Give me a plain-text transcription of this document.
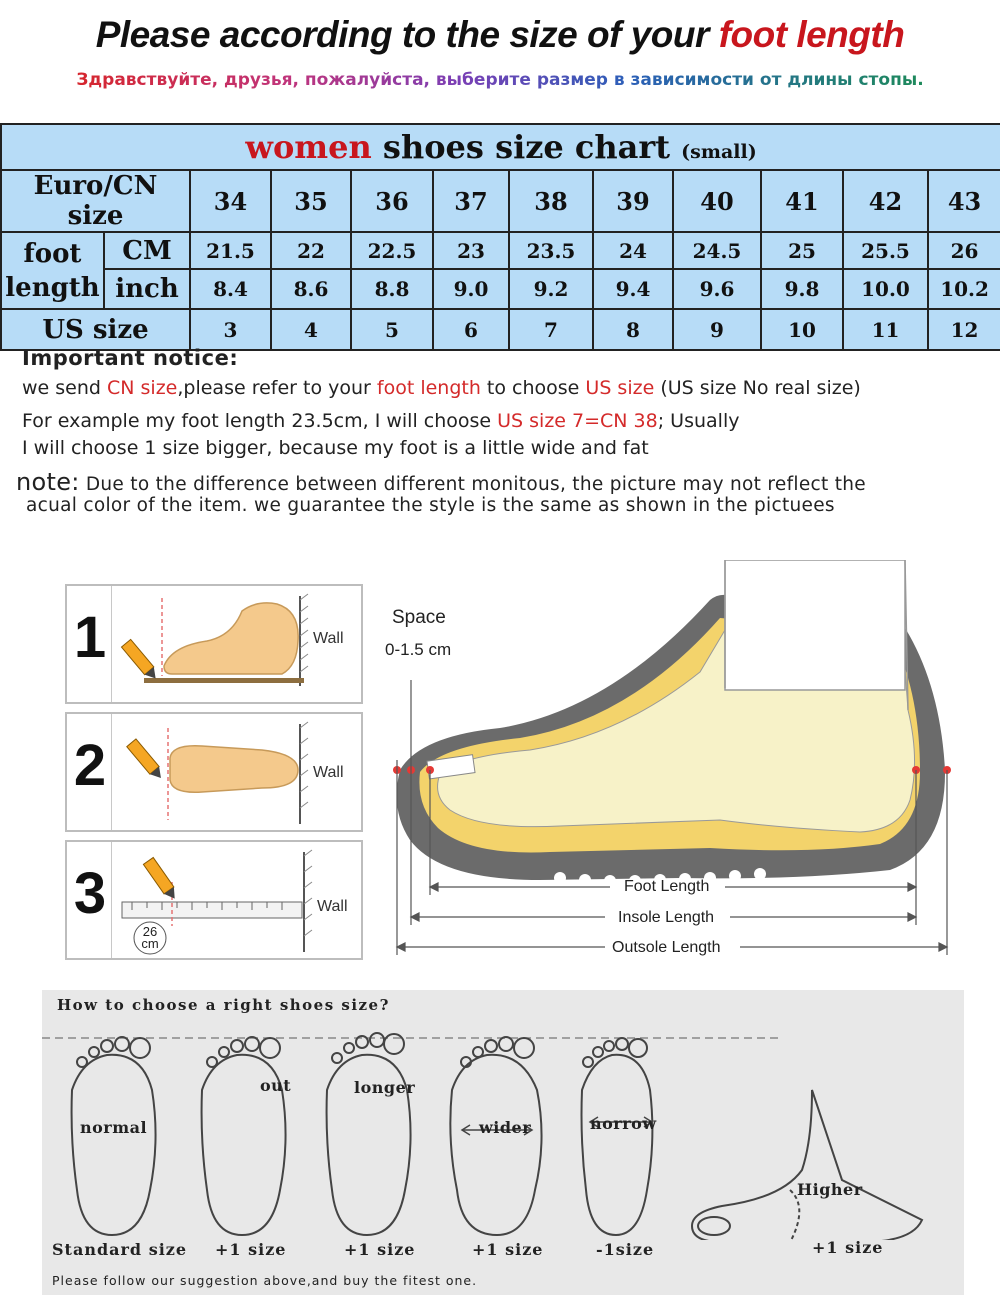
Please according to the size of your foot length
Здравствуйте, друзья, пожалуйста, выберите размер в зависимости от длины стопы.
women shoes size chart (small)											
Euro/CN size		34	35	36	37	38	39	40	41	42	43
foot
length	CM	21.5	22	22.5	23	23.5	24	24.5	25	25.5	26
	inch	8.4	8.6	8.8	9.0	9.2	9.4	9.6	9.8	10.0	10.2
US size		3	4	5	6	7	8	9	10	11	12
Important notice:
we send CN size,please refer to your foot length to choose US size (US size No real size)
For example my foot length 23.5cm, I will choose US size 7=CN 38; Usually
I will choose 1 size bigger, because my foot is a little wide and fat
note: Due to the difference between different monitous, the picture may not reflect the
acual color of the item. we guarantee the style is the same as shown in the pictuees
1	Wall
2	Wall
3	Wall
26
cm
Space
0-1.5 cm
Foot Length
Insole Length
Outsole Length
How to choose a right shoes size?
normal
out	longer
wider	norrow
Higher
Standard size +1 size	+1 size	+1 size	-1size	+1 size
Please follow our suggestion above,and buy the fitest one.
